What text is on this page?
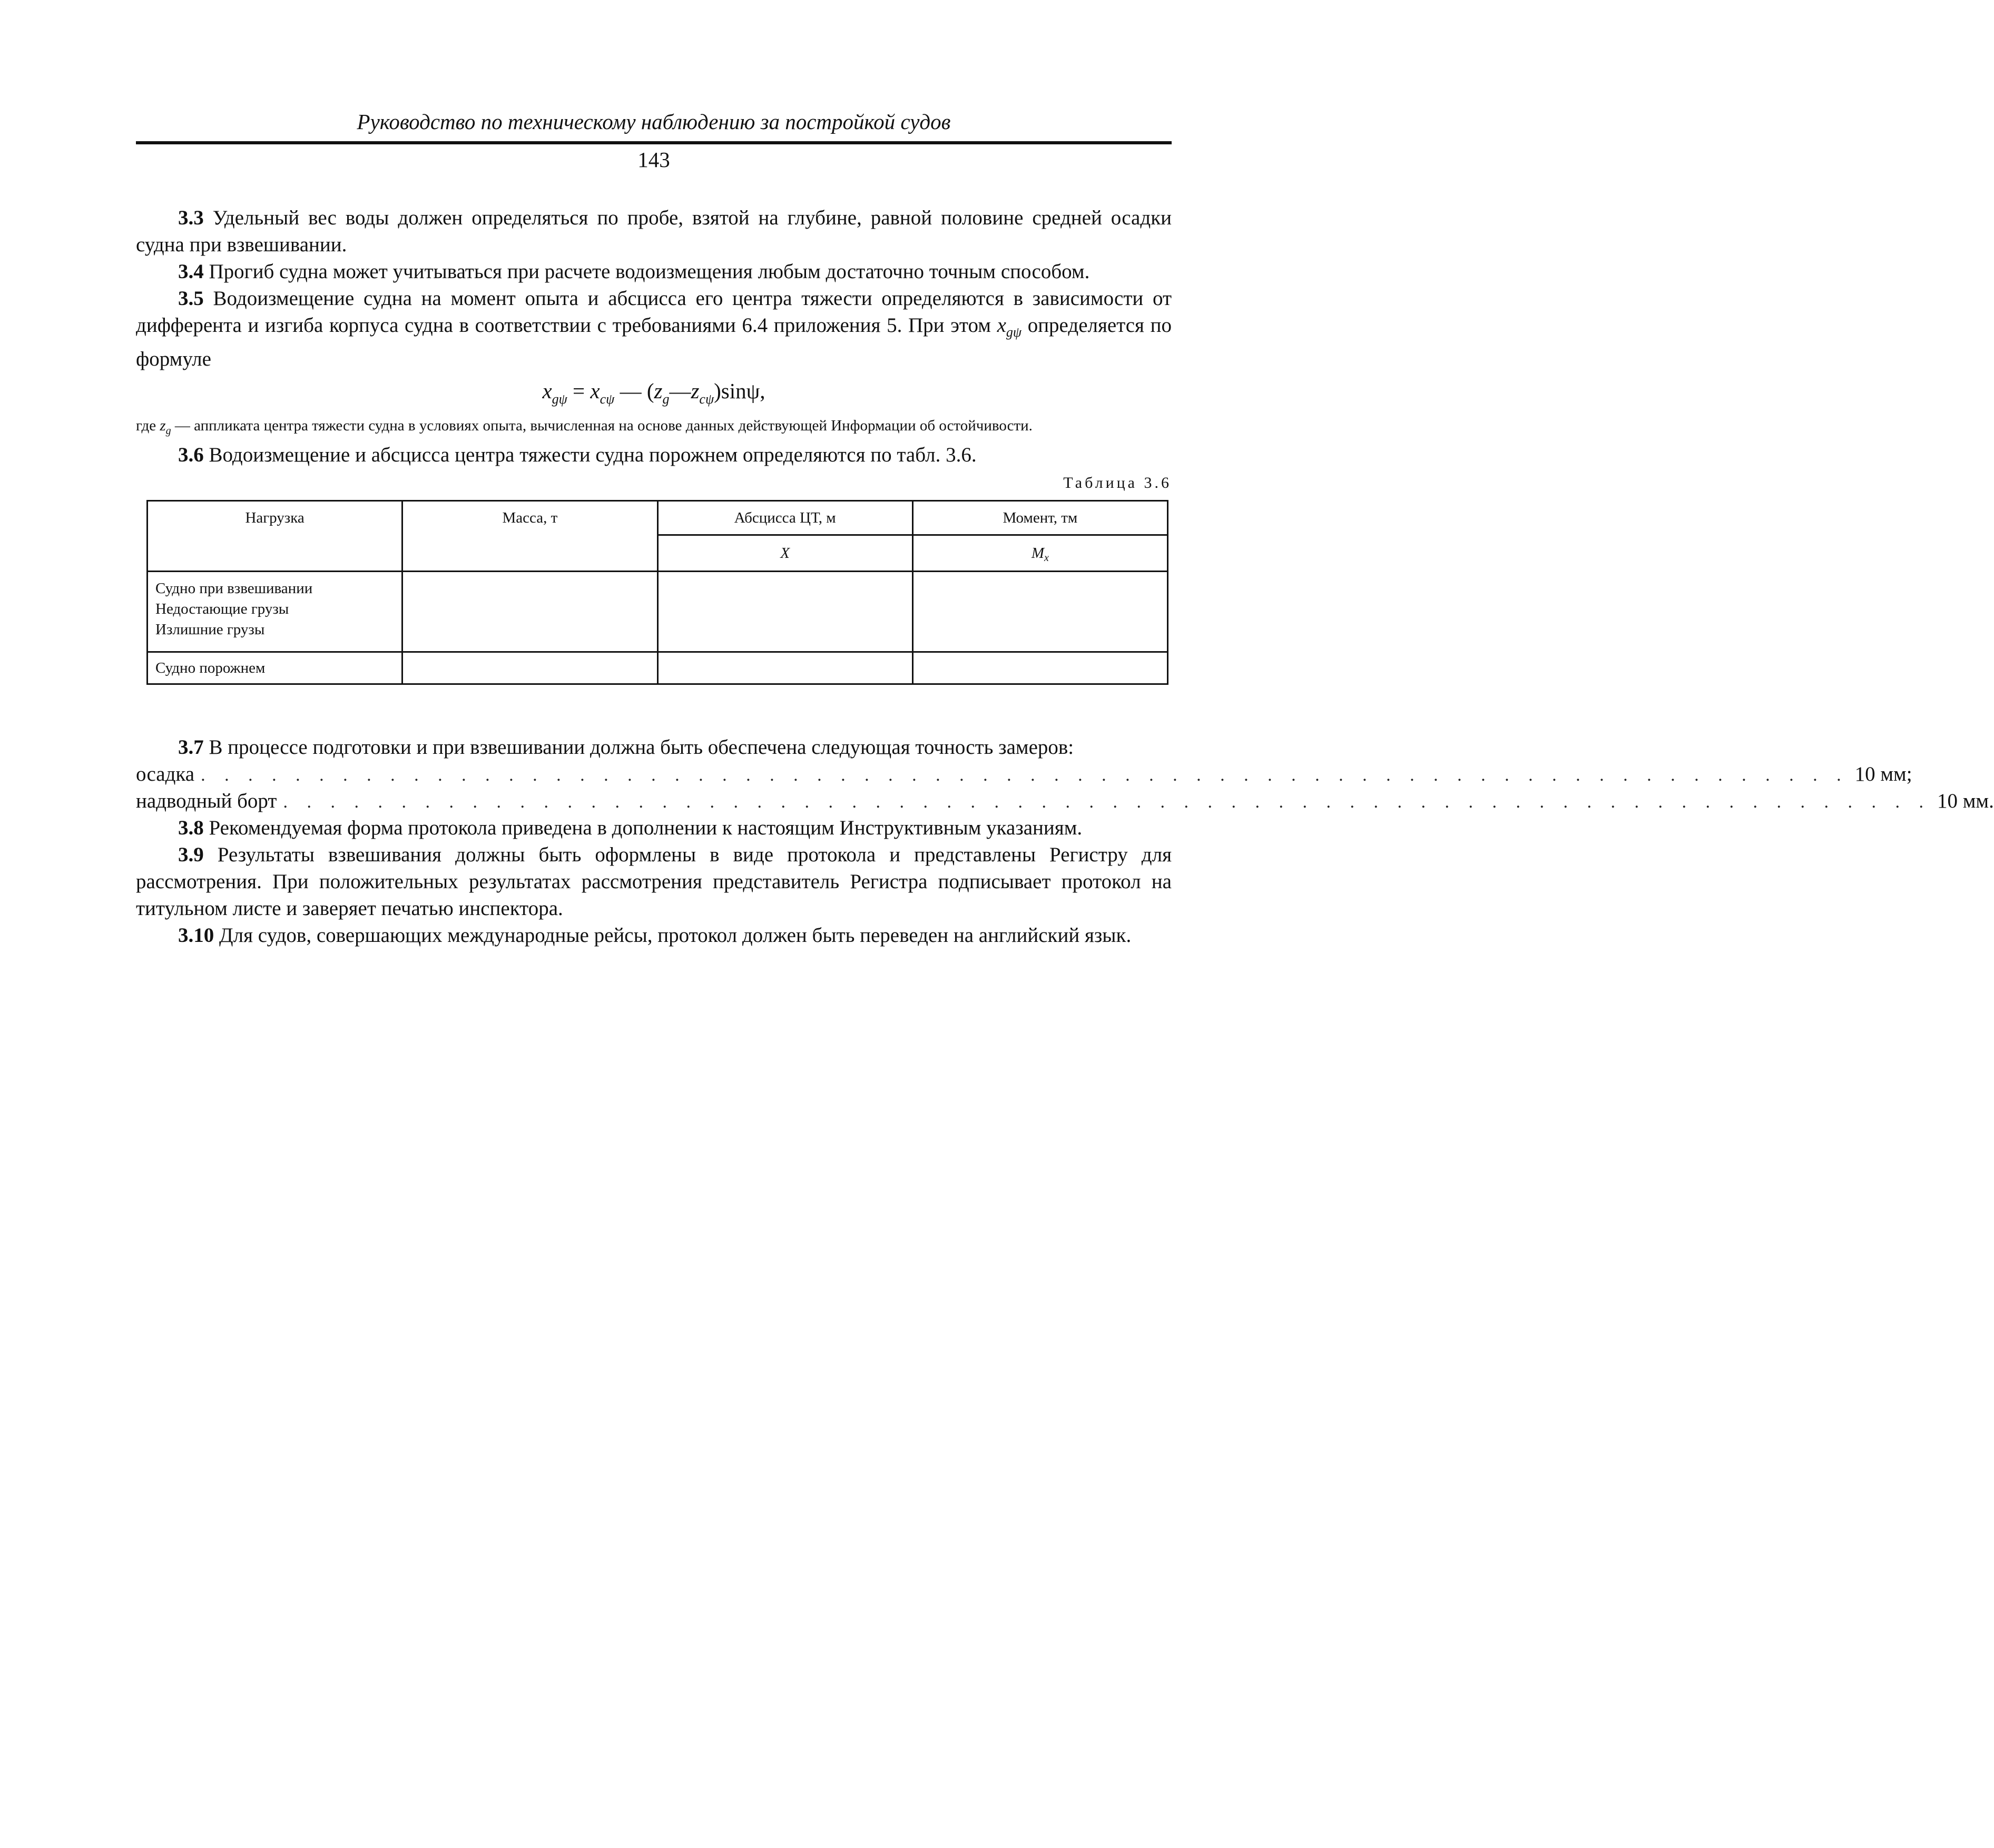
Руководство по техническому наблюдению за постройкой судов
143

3.3 Удельный вес воды должен определяться по пробе, взятой на глубине, равной половине средней осадки судна при взвешивании.

3.4 Прогиб судна может учитываться при расчете водоизмещения любым достаточно точным способом.

3.5 Водоизмещение судна на момент опыта и абсцисса его центра тяжести определяются в зависимости от дифферента и изгиба корпуса судна в соответствии с требованиями 6.4 приложения 5. При этом $x_{g\psi}$ определяется по формуле

$x_{g\psi} = x_{c\psi}$ — $(z_g—z_{c\psi})\sin\psi$,
где $z_g$ — аппликата центра тяжести судна в условиях опыта, вычисленная на основе данных действующей Информации об остойчивости.

3.6 Водоизмещение и абсцисса центра тяжести судна порожнем определяются по табл. 3.6.

Таблица 3.6
Нагрузка	Масса, т	Абсцисса ЦТ, м	Момент, тм
		X	$M_x$

Судно при взвешивании
Недостающие грузы
Излишние грузы			

Судно порожнем			

3.7 В процессе подготовки и при взвешивании должна быть обеспечена следующая точность замеров:

осадка . . . . . . . . . . . . . . . . . . . . . . . . . . . . . . . . . . . . . . . . . . . . . . . . . . . . . . . . . . . . . . . . . . . . . . 10 мм;
надводный борт . . . . . . . . . . . . . . . . . . . . . . . . . . . . . . . . . . . . . . . . . . . . . . . . . . . . . . . . . . . . . . . . . . . . . . 10 мм.

3.8 Рекомендуемая форма протокола приведена в дополнении к настоящим Инструктивным указаниям.

3.9 Результаты взвешивания должны быть оформлены в виде протокола и представлены Регистру для рассмотрения. При положительных результатах рассмотрения представитель Регистра подписывает протокол на титульном листе и заверяет печатью инспектора.

3.10 Для судов, совершающих международные рейсы, протокол должен быть переведен на английский язык.
